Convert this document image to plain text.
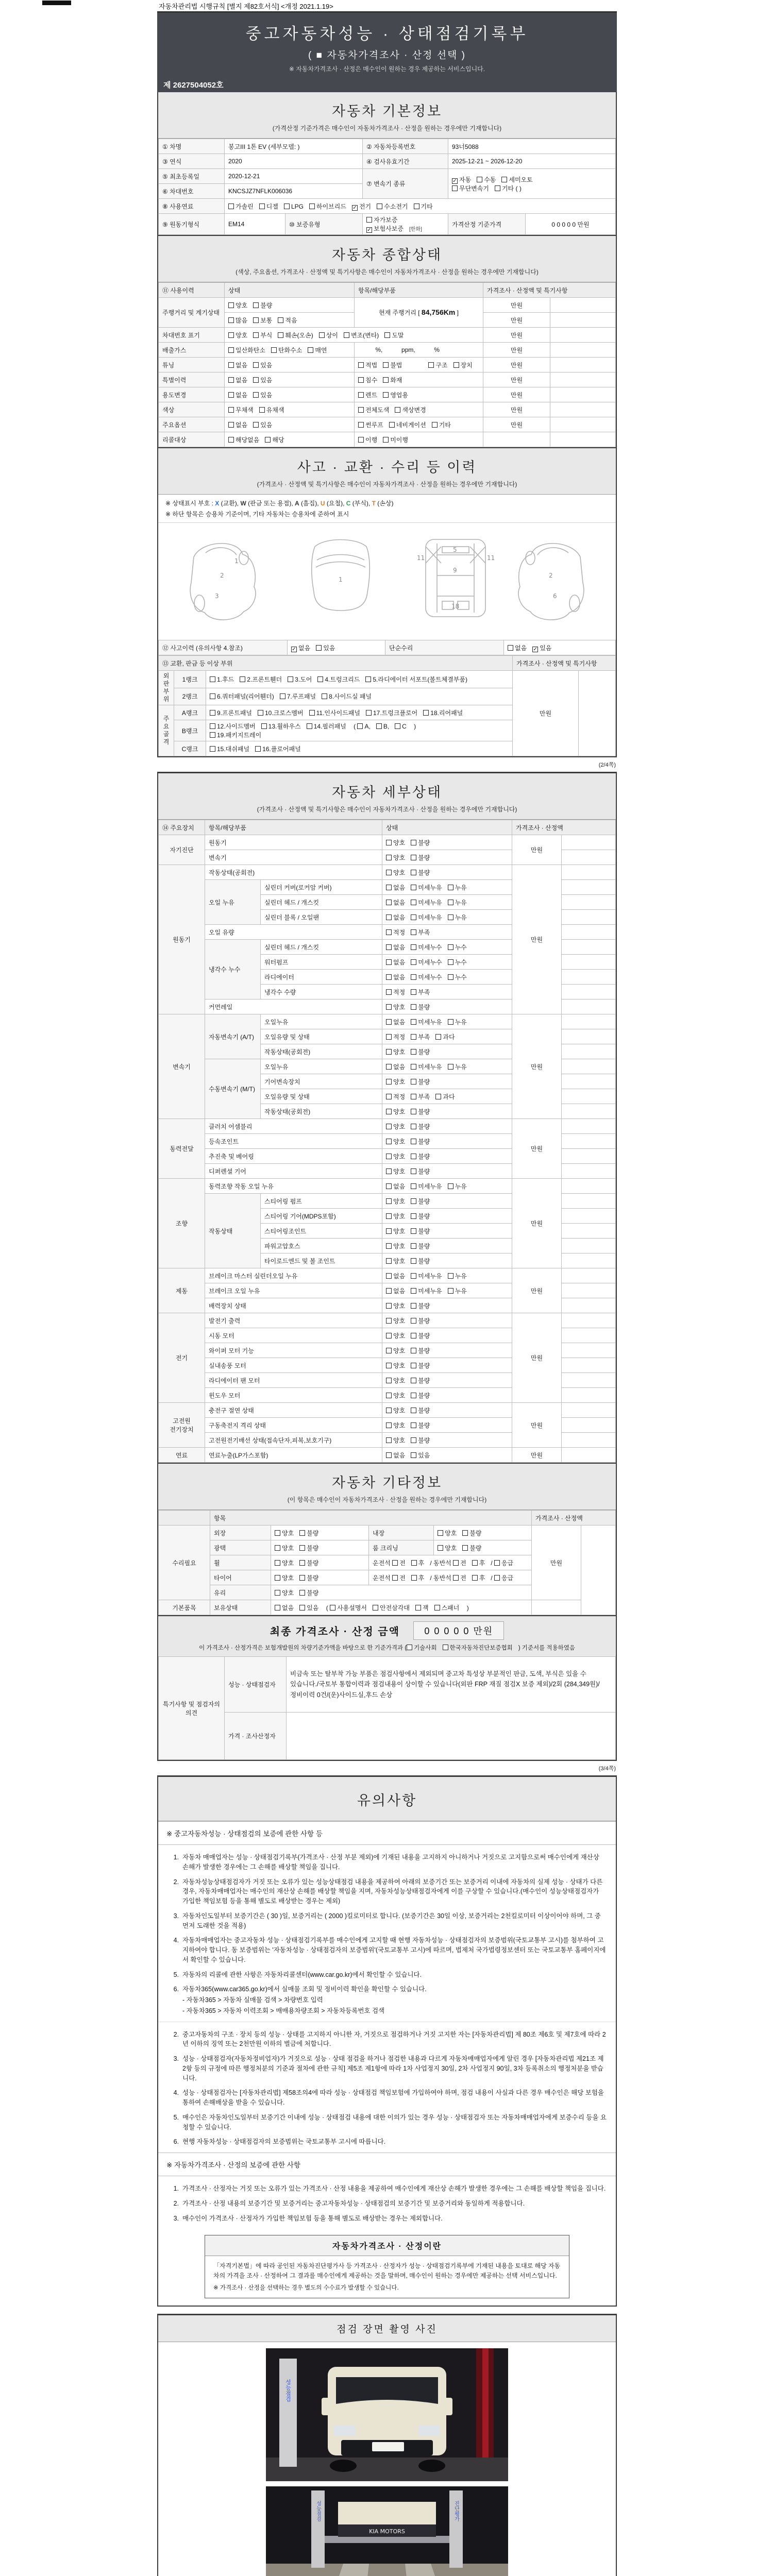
자동차관리법 시행규칙 [별지 제82호서식] <개정 2021.1.19>
중고자동차성능 · 상태점검기록부
( ■ 자동차가격조사 · 산정 선택 )
※ 자동차가격조사 · 산정은 매수인이 원하는 경우 제공하는 서비스입니다.
제 2627504052호
자동차 기본정보
(가격산정 기준가격은 매수인이 자동차가격조사 · 산정을 원하는 경우에만 기재합니다)
① 차명	봉고III 1톤 EV (세부모델: )		② 자동차등록번호	93너5088	
③ 연식	2020		④ 검사유효기간	2025-12-21 ~ 2026-12-20	
⑤ 최초등록일	2020-12-21		⑦ 변속기 종류	✓ 자동 수동 세미오토
무단변속기 기타 ( )	

⑥ 차대번호	KNCSJZ7NFLK006036				
⑧ 사용연료	가솔린 디젤 LPG 하이브리드 ✓ 전기 수소전기 기타				
⑨ 원동기형식	EM14	⑩ 보증유형	자가보증✓ 보험사보증 [한화]	가격산정 기준가격	0 0 0 0 0 만원
자동차 종합상태
(색상, 주요옵션, 가격조사 · 산정액 및 특기사항은 매수인이 자동차가격조사 · 산정을 원하는 경우에만 기재합니다)
⑪ 사용이력	상태	항목/해당부품	가격조사 · 산정액 및 특기사항	
주행거리 및 계기상태	양호 불량	현재 주행거리 [ 84,756Km ]	만원	
	많음 보통 적음		만원	
차대번호 표기	양호 부식 훼손(오손) 상이 변조(변타) 도말		만원	
배출가스	일산화탄소 탄화수소 매연	%,           ppm,           %	만원	
튜닝	없음 있음	적법 불법 구조 장치	만원	
특별이력	없음 있음	침수 화재	만원	
용도변경	없음 있음	렌트 영업용	만원	
색상	무채색 유채색	전체도색 색상변경	만원	
주요옵션	없음 있음	썬루프 네비게이션 기타	만원	
리콜대상	해당없음 해당	이행 미이행		
사고 · 교환 · 수리 등 이력
(가격조사 · 산정액 및 특기사항은 매수인이 자동차가격조사 · 산정을 원하는 경우에만 기재합니다)
※ 상태표시 부호 : X (교환), W (판금 또는 용접), A (흠집), U (요철), C (부식), T (손상)
※ 하단 항목은 승용차 기준이며, 기타 자동차는 승용차에 준하여 표시
2
3
1
1
11	11
5
9
18
2
6
⑫ 사고이력 (유의사항 4.참조)	✓ 없음 있음	단순수리	없음 ✓ 있음
⑬ 교환, 판금 등 이상 부위			가격조사 · 산정액 및 특기사항	
외판부위	1랭크	1.후드 2.프론트휀더 3.도어 4.트렁크리드 5.라디에이터 서포트(볼트체결부품)	만원	
	2랭크	6.쿼터패널(리어휀더) 7.루프패널 8.사이드실 패널		
주요골격	A랭크	9.프론트패널 10.크로스멤버 11.인사이드패널 17.트렁크플로어 18.리어패널		
	B랭크	12.사이드멤버 13.휠하우스 14.필러패널 ( A, B, C )
19.패키지트레이		

	C랭크	15.대쉬패널 16.플로어패널		
(2/4쪽)
자동차 세부상태
(가격조사 · 산정액 및 특기사항은 매수인이 자동차가격조사 · 산정을 원하는 경우에만 기재합니다)
⑭ 주요장치	항목/해당부품		상태	가격조사 · 산정액	
자기진단	원동기		양호 불량	만원	
	변속기		양호 불량		
원동기	작동상태(공회전)		양호 불량	만원	
	오일 누유	실린더 커버(로커암 커버)	없음 미세누유 누유		
		실린더 헤드 / 개스킷	없음 미세누유 누유		
		실린더 블록 / 오일팬	없음 미세누유 누유		
	오일 유량		적정 부족		
	냉각수 누수	실린더 헤드 / 개스킷	없음 미세누수 누수		
		워터펌프	없음 미세누수 누수		
		라디에이터	없음 미세누수 누수		
		냉각수 수량	적정 부족		
	커먼레일		양호 불량		
변속기	자동변속기 (A/T)	오일누유	없음 미세누유 누유	만원	
		오일유량 및 상태	적정 부족 과다		
		작동상태(공회전)	양호 불량		
	수동변속기 (M/T)	오일누유	없음 미세누유 누유		
		기어변속장치	양호 불량		
		오일유량 및 상태	적정 부족 과다		
		작동상태(공회전)	양호 불량		
동력전달	클러치 어셈블리		양호 불량	만원	
	등속조인트		양호 불량		
	추진축 및 베어링		양호 불량		
	디퍼렌셜 기어		양호 불량		
조향	동력조향 작동 오일 누유		없음 미세누유 누유	만원	
	작동상태	스티어링 펌프	양호 불량		
		스티어링 기어(MDPS포함)	양호 불량		
		스티어링조인트	양호 불량		
		파워고압호스	양호 불량		
		타이로드엔드 및 볼 조인트	양호 불량		
제동	브레이크 마스터 실린더오일 누유		없음 미세누유 누유	만원	
	브레이크 오일 누유		없음 미세누유 누유		
	배력장치 상태		양호 불량		
전기	발전기 출력		양호 불량	만원	
	시동 모터		양호 불량		
	와이퍼 모터 기능		양호 불량		
	실내송풍 모터		양호 불량		
	라디에이터 팬 모터		양호 불량		
	윈도우 모터		양호 불량		
고전원 전기장치	충전구 절연 상태		양호 불량	만원	
	구동축전지 격리 상태		양호 불량		
	고전원전기배선 상태(접속단자,피복,보호기구)		양호 불량		
연료	연료누출(LP가스포함)		없음 있음	만원	
자동차 기타정보
(이 항목은 매수인이 자동차가격조사 · 산정을 원하는 경우에만 기재합니다)
	항목				가격조사 · 산정액	
수리필요	외장	양호 불량	내장	양호 불량	만원	
	광택	양호 불량	룸 크리닝	양호 불량		
	휠	양호 불량	운전석 전 후 / 동반석 전 후 / 응급			
	타이어	양호 불량	운전석 전 후 / 동반석 전 후 / 응급			
	유리	양호 불량				
기본품목	보유상태	없음 있음 ( 사용설명서 안전삼각대 잭 스패너 )				
최종 가격조사 · 산정 금액	0 0 0 0 0 만원
이 가격조사 · 산정가격은 보험개발원의 차량기준가액을 바탕으로 한 기준가격과 ( 기술사회 한국자동차진단보증협회 ) 기준서를 적용하였음
특기사항 및 점검자의 의견	성능 · 상태점검자	비금속 또는 탈부착 가능 부품은 점검사항에서 제외되며 중고차 특성상 부분적인 판금, 도색, 부식은 있을 수 있습니다./국토부 통합이력과 점검내용이 상이할 수 있습니다(외판 FRP 재질 점검X 보증 제외)/2회 (284,349원)/정비이력 0건/(운)사이드실,후드 손상
	가격 · 조사산정자	
(3/4쪽)
유의사항
※ 중고자동차성능 · 상태점검의 보증에 관한 사항 등
1. 자동차 매매업자는 성능 · 상태점검기록부(가격조사 · 산정 부분 제외)에 기재된 내용을 고지하지 아니하거나 거짓으로 고지함으로써 매수인에게 재산상 손해가 발생한 경우에는 그 손해를 배상할 책임을 집니다.
2. 자동차성능상태점검자가 거짓 또는 오류가 있는 성능상태점검 내용을 제공하여 아래의 보증기간 또는 보증거리 이내에 자동차의 실제 성능 · 상태가 다른 경우, 자동차매매업자는 매수인의 재산상 손해를 배상할 책임을 지며, 자동차성능상태점검자에게 이를 구상할 수 있습니다.(매수인이 성능상태점검자가 가입한 책임보험 등을 통해 별도로 배상받는 경우는 제외)
3. 자동차인도일부터 보증기간은 ( 30 )일, 보증거리는 ( 2000 )킬로미터로 합니다. (보증기간은 30일 이상, 보증거리는 2천킬로미터 이상이어야 하며, 그 중 먼저 도래한 것을 적용)
4. 자동차매매업자는 중고자동차 성능 · 상태점검기록부를 매수인에게 고지할 때 현행 자동차성능 · 상태점검자의 보증범위(국토교통부 고시)를 첨부하여 고지하여야 합니다. 동 보증범위는 '자동차성능 · 상태점검자의 보증범위'(국토교통부 고시)에 따르며, 법제처 국가법령정보센터 또는 국토교통부 홈페이지에서 확인할 수 있습니다.
5. 자동차의 리콜에 관한 사항은 자동차리콜센터(www.car.go.kr)에서 확인할 수 있습니다.
6. 자동차365(www.car365.go.kr)에서 실매물 조회 및 정비이력 확인을 확인할 수 있습니다.
- 자동차365 > 자동차 실매물 검색 > 차량번호 입력
- 자동차365 > 자동차 이력조회 > 매매용차량조회 > 자동차등록번호 검색
2. 중고자동차의 구조 · 장치 등의 성능 · 상태를 고지하지 아니한 자, 거짓으로 점검하거나 거짓 고지한 자는 [자동차관리법] 제 80조 제6호 및 제7호에 따라 2년 이하의 징역 또는 2천만원 이하의 벌금에 처합니다.
3. 성능 · 상태점검자(자동차정비업자)가 거짓으로 성능 · 상태 점검을 하거나 점검한 내용과 다르게 자동차매매업자에게 알린 경우 [자동차관리법 제21조 제2항 등의 규정에 따른 행정처분의 기준과 절차에 관한 규칙] 제5조 제1항에 따라 1차 사업정지 30일, 2차 사업정지 90일, 3차 등록취소의 행정처분을 받습니다.
4. 성능 · 상태점검자는 [자동차관리법] 제58조의4에 따라 성능 · 상태점검 책임보험에 가입하여야 하며, 점검 내용이 사실과 다른 경우 매수인은 해당 보험을 통하여 손해배상을 받을 수 있습니다.
5. 매수인은 자동차인도일부터 보증기간 이내에 성능 · 상태점검 내용에 대한 이의가 있는 경우 성능 · 상태점검자 또는 자동차매매업자에게 보증수리 등을 요청할 수 있습니다.
6. 현행 자동차성능 · 상태점검자의 보증범위는 국토교통부 고시에 따릅니다.
※ 자동차가격조사 · 산정의 보증에 관한 사항
1. 가격조사 · 산정자는 거짓 또는 오류가 있는 가격조사 · 산정 내용을 제공하여 매수인에게 재산상 손해가 발생한 경우에는 그 손해를 배상할 책임을 집니다.
2. 가격조사 · 산정 내용의 보증기간 및 보증거리는 중고자동차성능 · 상태점검의 보증기간 및 보증거리와 동일하게 적용합니다.
3. 매수인이 가격조사 · 산정자가 가입한 책임보험 등을 통해 별도로 배상받는 경우는 제외합니다.
자동차가격조사 · 산정이란
「자격기본법」에 따라 공인된 자동차진단평가사 등 가격조사 · 산정자가 성능 · 상태점검기록부에 기재된 내용을 토대로 해당 자동차의 가격을 조사 · 산정하여 그 결과를 매수인에게 제공하는 것을 말하며, 매수인이 원하는 경우에만 제공하는 선택 서비스입니다.
※ 가격조사 · 산정을 선택하는 경우 별도의 수수료가 발생할 수 있습니다.
점검 장면 촬영 사진
성능점검
성능점검	진단평가
KIA MOTORS
